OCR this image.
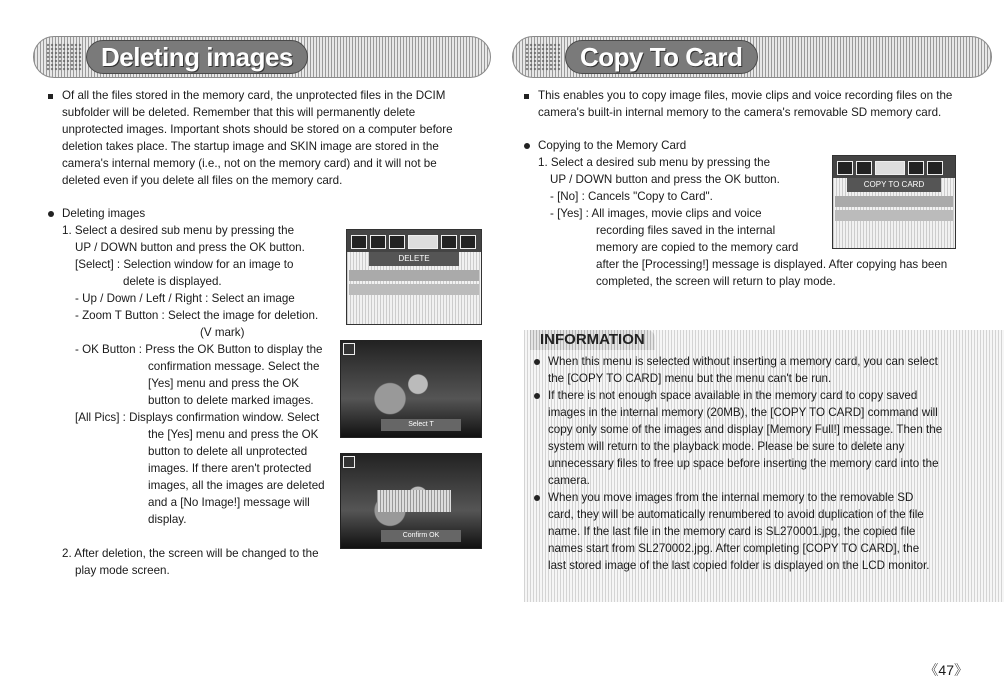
Deleting images
Of all the files stored in the memory card, the unprotected files in the DCIM
subfolder will be deleted. Remember that this will permanently delete
unprotected images. Important shots should be stored on a computer before
deletion takes place. The startup image and SKIN image are stored in the
camera's internal memory (i.e., not on the memory card) and it will not be
deleted even if you delete all files on the memory card.
Deleting images
1. Select a desired sub menu by pressing the
UP / DOWN button and press the OK button.
[Select] : Selection window for an image to
delete is displayed.
- Up / Down / Left / Right : Select an image
- Zoom T Button : Select the image for deletion.
(V mark)
- OK Button : Press the OK Button to display the
confirmation message. Select the
[Yes] menu and press the OK
button to delete marked images.
[All Pics] : Displays confirmation window. Select
the [Yes] menu and press the OK
button to delete all unprotected
images. If there aren't protected
images, all the images are deleted
and a [No Image!] message will
display.
2. After deletion, the screen will be changed to the
play mode screen.
DELETE
Select T
Confirm OK
Copy To Card
This enables you to copy image files, movie clips and voice recording files on the
camera's built-in internal memory to the camera's removable SD memory card.
Copying to the Memory Card
1. Select a desired sub menu by pressing the
UP / DOWN button and press the OK button.
- [No] : Cancels "Copy to Card".
- [Yes] : All images, movie clips and voice
recording files saved in the internal
memory are copied to the memory card
after the [Processing!] message is displayed. After copying has been
completed, the screen will return to play mode.
COPY TO CARD
INFORMATION
When this menu is selected without inserting a memory card, you can select
the [COPY TO CARD] menu but the menu can't be run.
If there is not enough space available in the memory card to copy saved
images in the internal memory (20MB), the [COPY TO CARD] command will
copy only some of the images and display [Memory Full!] message. Then the
system will return to the playback mode. Please be sure to delete any
unnecessary files to free up space before inserting the memory card into the
camera.
When you move images from the internal memory to the removable SD
card, they will be automatically renumbered to avoid duplication of the file
name. If the last file in the memory card is SL270001.jpg, the copied file
names start from SL270002.jpg. After completing [COPY TO CARD], the
last stored image of the last copied folder is displayed on the LCD monitor.
《47》
